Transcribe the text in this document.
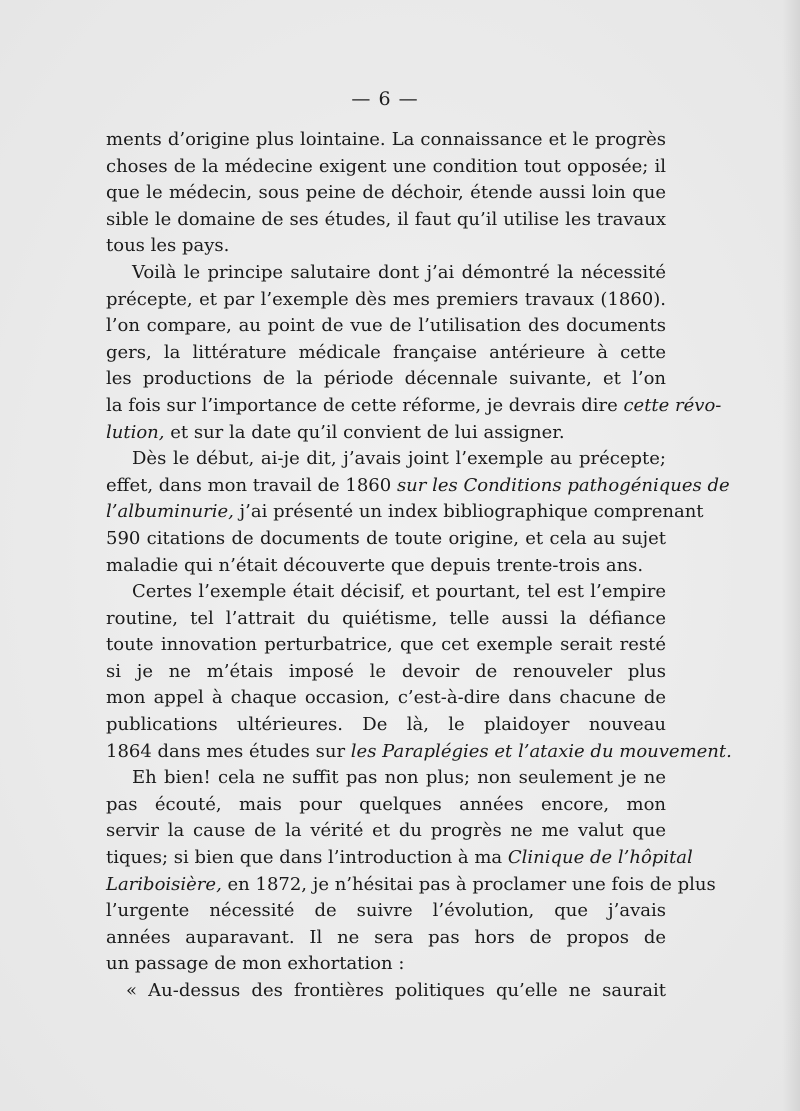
— 6 —
ments d’origine plus lointaine. La connaissance et le progrès
choses de la médecine exigent une condition tout opposée; il
que le médecin, sous peine de déchoir, étende aussi loin que
sible le domaine de ses études, il faut qu’il utilise les travaux
tous les pays.
Voilà le principe salutaire dont j’ai démontré la nécessité
précepte, et par l’exemple dès mes premiers travaux (1860).
l’on compare, au point de vue de l’utilisation des documents
gers, la littérature médicale française antérieure à cette
les productions de la période décennale suivante, et l’on
la fois sur l’importance de cette réforme, je devrais dire cette révo-
lution, et sur la date qu’il convient de lui assigner.
Dès le début, ai-je dit, j’avais joint l’exemple au précepte;
effet, dans mon travail de 1860 sur les Conditions pathogéniques de
l’albuminurie, j’ai présenté un index bibliographique comprenant
590 citations de documents de toute origine, et cela au sujet
maladie qui n’était découverte que depuis trente-trois ans.
Certes l’exemple était décisif, et pourtant, tel est l’empire
routine, tel l’attrait du quiétisme, telle aussi la défiance
toute innovation perturbatrice, que cet exemple serait resté
si je ne m’étais imposé le devoir de renouveler plus
mon appel à chaque occasion, c’est-à-dire dans chacune de
publications ultérieures. De là, le plaidoyer nouveau
1864 dans mes études sur les Paraplégies et l’ataxie du mouvement.
Eh bien! cela ne suffit pas non plus; non seulement je ne
pas écouté, mais pour quelques années encore, mon
servir la cause de la vérité et du progrès ne me valut que
tiques; si bien que dans l’introduction à ma Clinique de l’hôpital
Lariboisière, en 1872, je n’hésitai pas à proclamer une fois de plus
l’urgente nécessité de suivre l’évolution, que j’avais
années auparavant. Il ne sera pas hors de propos de
un passage de mon exhortation :
« Au-dessus des frontières politiques qu’elle ne saurait
